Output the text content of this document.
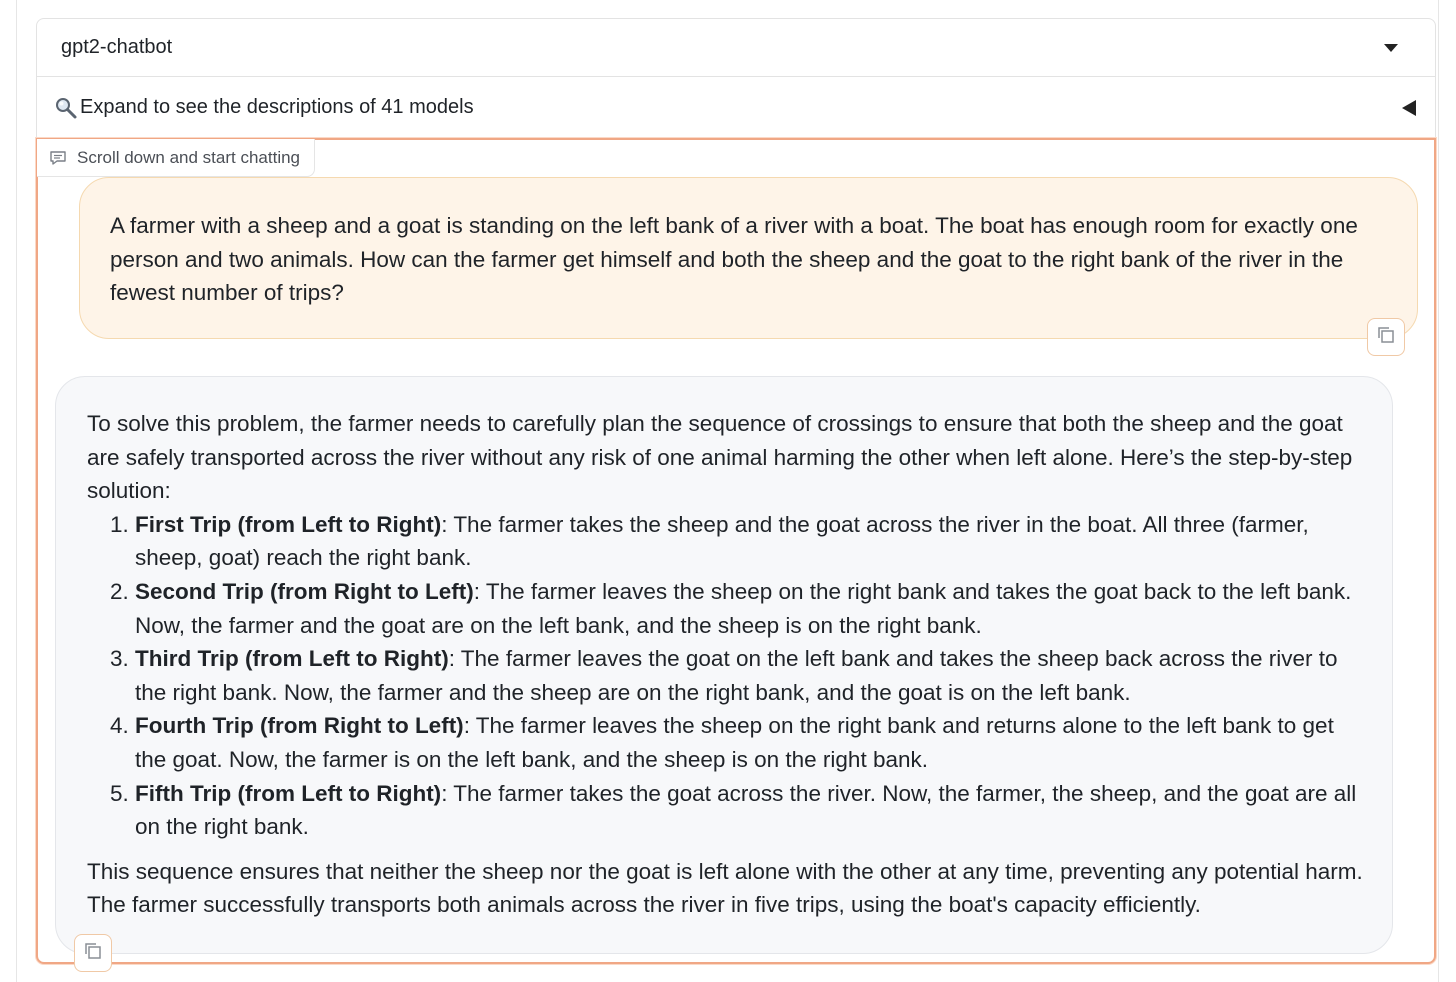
gpt2-chatbot
Expand to see the descriptions of 41 models
Scroll down and start chatting
A farmer with a sheep and a goat is standing on the left bank of a river with a boat. The boat has enough room for exactly one person and two animals. How can the farmer get himself and both the sheep and the goat to the right bank of the river in the fewest number of trips?

To solve this problem, the farmer needs to carefully plan the sequence of crossings to ensure that both the sheep and the goat are safely transported across the river without any risk of one animal harming the other when left alone. Here’s the step-by-step solution:

1. First Trip (from Left to Right): The farmer takes the sheep and the goat across the river in the boat. All three (farmer, sheep, goat) reach the right bank.
2. Second Trip (from Right to Left): The farmer leaves the sheep on the right bank and takes the goat back to the left bank. Now, the farmer and the goat are on the left bank, and the sheep is on the right bank.
3. Third Trip (from Left to Right): The farmer leaves the goat on the left bank and takes the sheep back across the river to the right bank. Now, the farmer and the sheep are on the right bank, and the goat is on the left bank.
4. Fourth Trip (from Right to Left): The farmer leaves the sheep on the right bank and returns alone to the left bank to get the goat. Now, the farmer is on the left bank, and the sheep is on the right bank.
5. Fifth Trip (from Left to Right): The farmer takes the goat across the river. Now, the farmer, the sheep, and the goat are all on the right bank.

This sequence ensures that neither the sheep nor the goat is left alone with the other at any time, preventing any potential harm. The farmer successfully transports both animals across the river in five trips, using the boat's capacity efficiently.
